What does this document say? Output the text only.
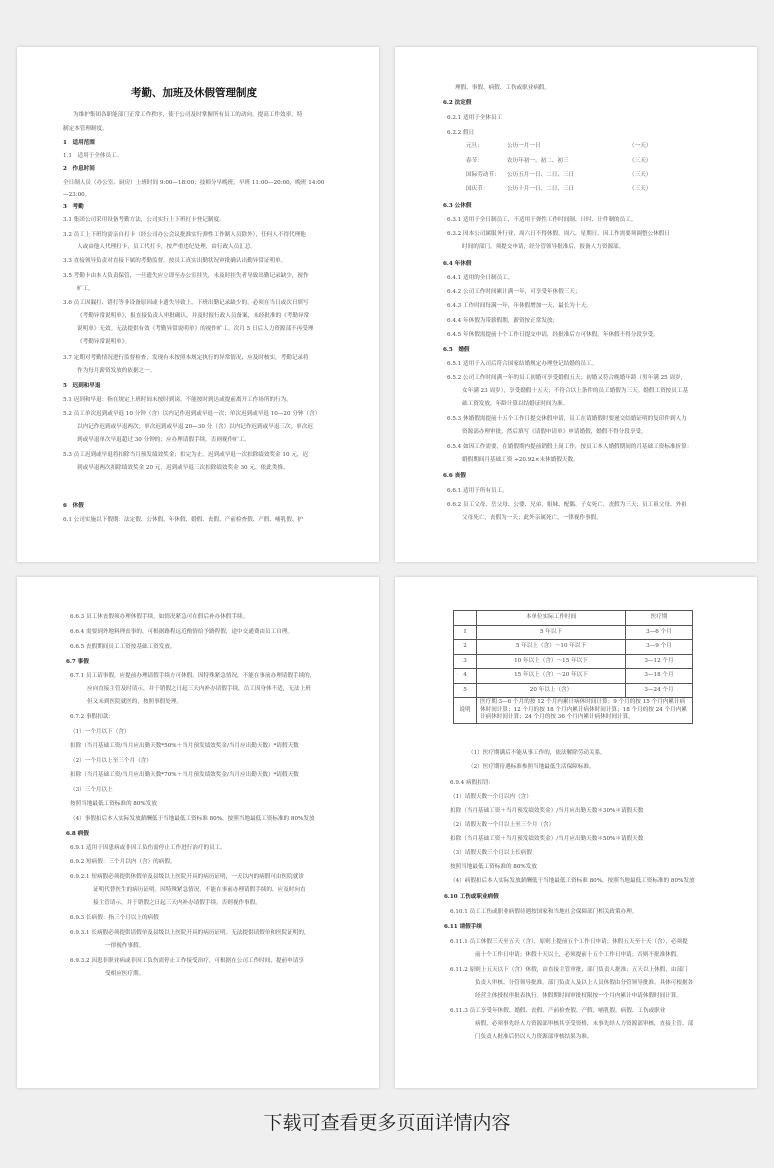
考勤、加班及休假管理制度
为维护集团各职能部门正常工作秩序，使于公司及时掌握所有员工的动向，提高工作效率，特
制定本管理制度。
1　适用范围
1.1　适用于全体员工。
2　作息时间
全日制人员（办公室、厨房）上班时间 9:00—18:00；技师分早晚班，早班 11:00—20:00，晚班 14:00
—23:00。
3　考勤
3.1 集团公司采用设备考勤方法，公司实行上下班打卡登记制度。
3.2 员工上下班均需亲自打卡（经公司办公会议批准实行弹性工作制人员除外），任何人不得代理他
人或由他人代理打卡，员工代打卡，按严重违纪处理，由行政人员汇总。
3.3 直接领导负责对直接下属的考勤监督，按员工真实出勤状况审批确认出勤异常证明单。
3.5 考勤卡由本人负责保管，一旦遗失应立即至办公室挂失，未及时挂失者导致出勤记录缺少，视作
旷工。
3.6 员工因漏打、错打等非设备原因或卡遗失导致上、下班出勤记录缺少的，必须在当日或次日填写
《考勤异常说明单》，报直接负责人审批确认，并及时报行政人员备案，未经批准的《考勤异常
说明单》无效。无法提供有效《考勤异常说明单》的视作旷工。次月 5 日后人力资源部不再受理
《考勤异常说明单》。
3.7 定期对考勤情况进行监督检查，发现有未按照本规定执行的异常情况，应及时核实，考勤记录将
作为每月薪资发放的依据之一。
5　迟到和早退
5.1 迟到和早退：指在规定上班时间未按时到岗，不能按时到达或提前离开工作场所的行为。
5.2 员工单次迟到或早退 10 分钟（含）以内记作迟到或早退一次；单次迟到或早退 10—20 分钟（含）
以内记作迟到或早退两次；单次迟到或早退 20—30 分（含）以内记作迟到或早退三次；单次迟
到或早退单次早退超过 30 分钟的；应办理请假手续，否则视作旷工。
5.3 员工迟到或早退将扣除当月预发绩效奖金；扣完为止。迟到或早退一次扣除绩效奖金 10 元，迟
到或早退两次扣除绩效奖金 20 元，迟到或早退三次扣除绩效奖金 30 元，依此类推。
6　休假
6.1 公司实施以下假期：法定假、公休假、年休假、婚假、丧假、产前检查假、产假、哺乳假、护
理假、事假、病假、工伤或职业病假。
6.2 法定假
6.2.1 适用于全体员工
6.2.2 假日
元旦：	公历一月一日	（一天）
春节：	农历年初一、初二、初三	（三天）
国际劳动节： 公历五月一日、二日、三日	（三天）
国庆节：	公历十月一日、二日、三日	（三天）
6.3 公休假
6.3.1 适用于全日制员工，不适用于弹性工作时间制、计时、计件制的员工。
6.3.2 因本公司属服务行业，周六日不得休假，周六、星期日，因工作需要须调整公休假日
时间的部门，须提交申请，经分管领导批准后，报备人力资源部。
6.4 年休假
6.4.1 适用的全日制员工。
6.4.2 公司工作时间累计满一年，可享受年休假三天；
6.4.3 工作时间每满一年，年休假增加一天，最长为十天。
6.4.4 年休假为带薪假期，薪资按正常发放；
6.4.5 年休假需提前十个工作日提交申请，经批准后方可休假，年休假不得分段享受。
6.5　婚假
6.5.1 适用于入司后符合国家结婚规定办理登记结婚的员工。
6.5.2 公司工作时间满一年的员工初婚可享受婚假五天；初婚又符合晚婚年龄（男年满 25 周岁，
女年满 23 周岁），享受婚假十五天；不符合以上条件的员工婚假为三天。婚假工资按员工基
础工资发放，年龄计算以结婚证时间为准。
6.5.3 休婚假需提前十五个工作日提交休假申请，员工在请婚假时要递交结婚证明的复印件到人力
资源部办理审批，然后填写《请假申请单》申请婚假，婚假不得分段享受。
6.5.4 如因工作需要，在婚假期内提前销假上岗工作，按员工本人婚假期间的月基础工资标准折算：
婚假期间月基础工资 ÷20.92×未休婚假天数。
6.6 丧假
6.6.1 适用于所有员工。
6.6.2 员工父母、岳父母、公婆、兄弟、姐妹、配偶、子女死亡，丧假为三天；员工祖父母、外祖
父母死亡，丧假为一天；此外亲属死亡，一律视作事假。
6.6.3 员工休丧假须办理休假手续，如情况紧急可在假后补办休假手续。
6.6.4 需要到外地料理丧事的，可根据路程远近酌情给予路程假，途中交通费由员工自理。
6.6.5 丧假期间员工工资按基础工资发放。
6.7 事假
6.7.1 员工请事假，应提前办理请假手续方可休假，因特殊紧急情况，不能在事前办理请假手续的，
应向直接主管及时请示，并于销假之日起三天内补办请假手续，员工因身体不适，无法上班
但又未到医院就医的，按照事假处理。
6.7.2 事假扣款：
（1）一个月以下（含）
扣除（当月基础工资/当月应出勤天数*50%＋当月预发绩效奖金/当月应出勤天数）*请假天数
（2）一个月以上至三个月（含）
扣除（当月基础工资/当月应出勤天数*70%＋当月预发绩效奖金/当月应出勤天数）*请假天数
（3）三个月以上
按照当地最低工资标准的 80%发放
（4）事假扣后本人实际发放薪酬低于当地最低工资标准 80%，按照当地最低工资标准的 80%发放
6.8 病假
6.9.1 适用于因患病或非因工负伤需停止工作进行治疗的员工。
6.9.2 短病假：三个月以内（含）的病假。
6.9.2.1 短病假必须提供休假单及县级以上医院开具的病历证明，一天以内的病假可由医院就诊
证明代替医生的病历证明。因特殊紧急情况，不能在事前办理请假手续的，应及时向直
接主管请示，并于销假之日起三天内补办请假手续，否则视作事假。
6.9.3 长病假：指三个月以上的病假
6.9.3.1 长病假必须提供请假单及县级以上医院开具的病历证明。无法提供请假单和医院证明的，
一律视作事假。
6.9.3.2 因患非职业病或非因工负伤需停止工作接受治疗，可根据在公司工作时间，提前申请享
受相应医疗期。
	本单位实际工作时间	医疗期
1	5 年以下	3—6 个月
2	5 年以上（含）～10 年以下	3—9 个月
3	10 年以上（含）～15 年以下	3—12 个月
4	15 年以上（含）～20 年以下	3—18 个月
5	20 年以上（含）	3—24 个月
说明	医疗期 3—6 个月的按 12 个月内累计病休时间计算；9 个月的按 15 个月内累计病休时间计算；12 个月的按 18 个月内累计病休时间计算；18 个月的按 24 个月内累计病休时间计算；24 个月的按 36 个月内累计病休时间计算。	
（1）医疗期满后不能从事工作的，依法解除劳动关系。
（2）医疗期待遇标准参照当地最低生活保障标准。
6.9.4 病假扣罚：
（1）请假天数一个月以内（含）
扣除（当月基础工资＋当月预发绩效奖金）/当月应出勤天数＊30%＊请假天数
（2）请假天数一个月以上至三个月（含）
扣除（当月基础工资＋当月预发绩效奖金）/当月应出勤天数＊50%＊请假天数
（3）请假天数三个月以上长病假
按照当地最低工资标准的 80%发放
（4）病假扣后本人实际发放薪酬低于当地最低工资标准 80%，按照当地最低工资标准的 80%发放
6.10 工伤或职业病假
6.10.1 员工工伤或职业病假待遇按国家和当地社会保障部门相关政策办理。
6.11 请假手续
6.11.1 员工休假三天至五天（含），原则上提前五个工作日申请；休假五天至十天（含），必须提
前十个工作日申请；休假十天以上，必须提前十五个工作日申请；否则不批准休假。
6.11.2 原则上五天以下（含）休假，由直接主管审批，部门负责人批准；五天以上休假，由部门
负责人审核、分管领导批准，部门负责人及以上人员休假由分管领导批准。具体可根据各
经营主体授权审批表执行。休假期时间审批权限按一个月内累计申请休假时间计算。
6.11.3 员工享受年休假、婚假、丧假、产前检查假、产假、哺乳假、病假、工伤或职业
病假，必须事先经人力资源部审核其享受资格，未事先经人力资源部审核，直接主管、部
门负责人批准后仍以人力资源部审核结果为准。
下载可查看更多页面详情内容
